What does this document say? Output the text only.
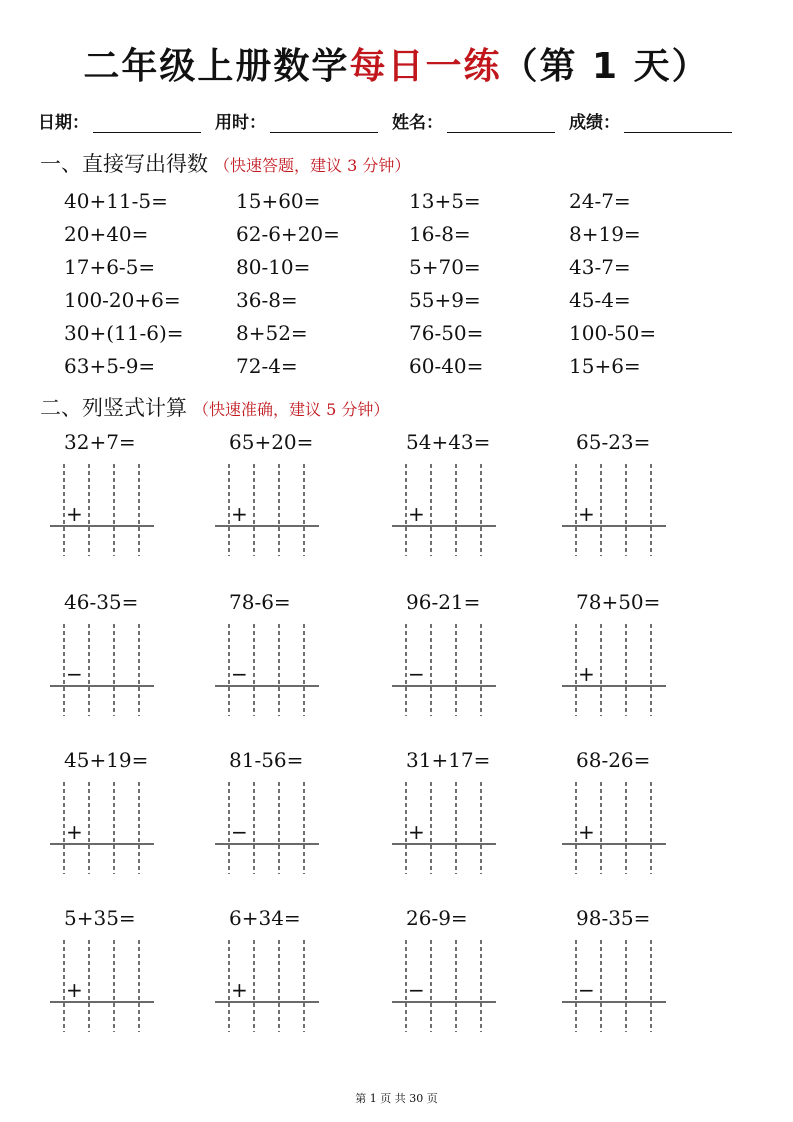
二年级上册数学每日一练（第 1 天）
日期：	用时：	姓名：	成绩：
一、直接写出得数 （快速答题，建议 3 分钟）
40+11-5=	15+60=	13+5=	24-7=
20+40=	62-6+20=	16-8=	8+19=
17+6-5=	80-10=	5+70=	43-7=
100-20+6=	36-8=	55+9=	45-4=
30+(11-6)=	8+52=	76-50=	100-50=
63+5-9=	72-4=	60-40=	15+6=
二、列竖式计算 （快速准确，建议 5 分钟）
32+7=
+
65+20=
+
54+43=
+
65-23=
+
46-35=
−
78-6=
−
96-21=
−
78+50=
+
45+19=
+
81-56=
−
31+17=
+
68-26=
+
5+35=
+
6+34=
+
26-9=
−
98-35=
−
第 1 页 共 30 页
